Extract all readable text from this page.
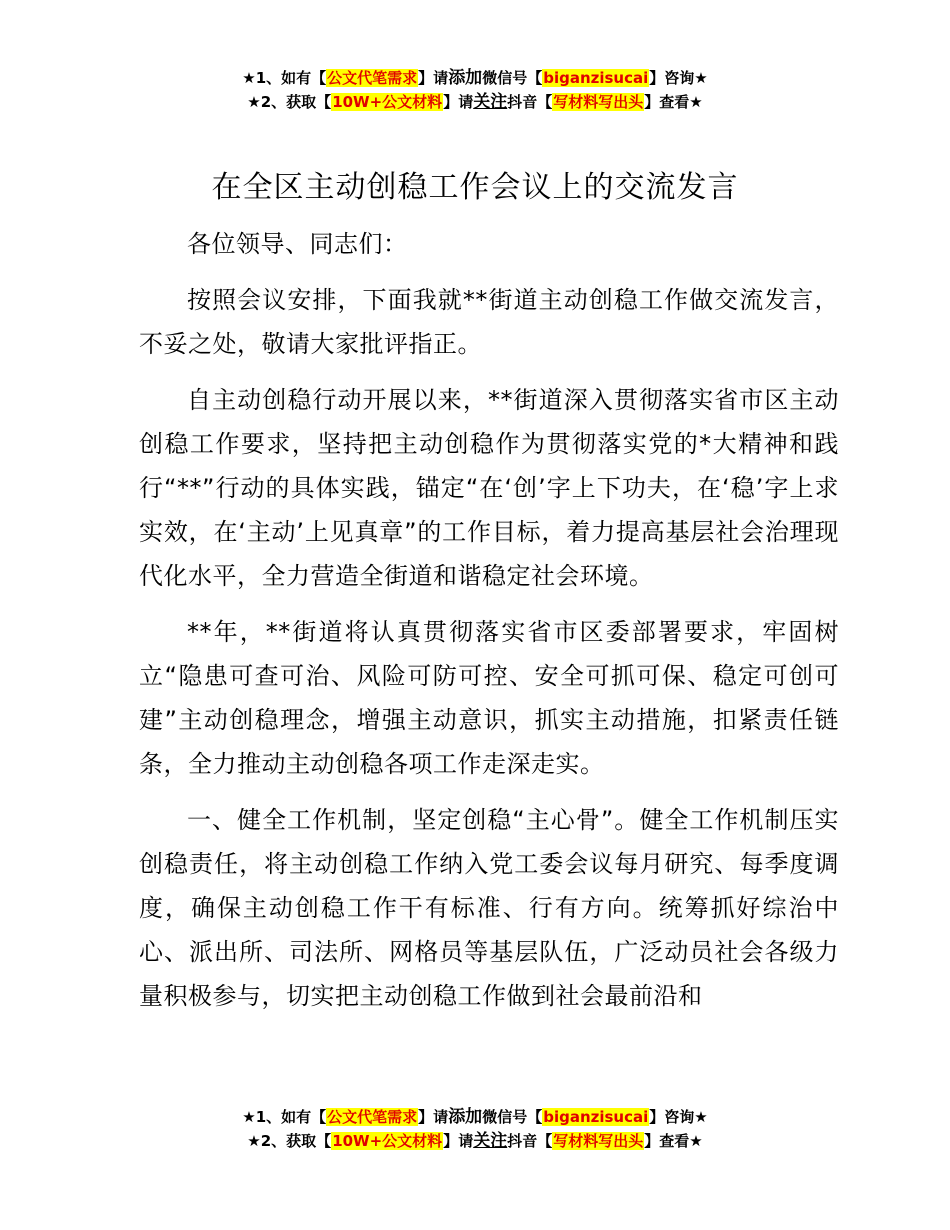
★1、如有【公文代笔需求】请添加微信号【biganzisucai】咨询★
★2、获取【10W+公文材料】请关注抖音【写材料写出头】查看★
在全区主动创稳工作会议上的交流发言

各位领导、同志们：

按照会议安排，下面我就**街道主动创稳工作做交流发言，不妥之处，敬请大家批评指正。

自主动创稳行动开展以来，**街道深入贯彻落实省市区主动创稳工作要求，坚持把主动创稳作为贯彻落实党的*大精神和践行“**”行动的具体实践，锚定“在‘创’字上下功夫，在‘稳’字上求实效，在‘主动’上见真章”的工作目标，着力提高基层社会治理现代化水平，全力营造全街道和谐稳定社会环境。

**年，**街道将认真贯彻落实省市区委部署要求，牢固树立“隐患可查可治、风险可防可控、安全可抓可保、稳定可创可建”主动创稳理念，增强主动意识，抓实主动措施，扣紧责任链条，全力推动主动创稳各项工作走深走实。

一、健全工作机制，坚定创稳“主心骨”。健全工作机制压实创稳责任，将主动创稳工作纳入党工委会议每月研究、每季度调度，确保主动创稳工作干有标准、行有方向。统筹抓好综治中心、派出所、司法所、网格员等基层队伍，广泛动员社会各级力量积极参与，切实把主动创稳工作做到社会最前沿和

★1、如有【公文代笔需求】请添加微信号【biganzisucai】咨询★
★2、获取【10W+公文材料】请关注抖音【写材料写出头】查看★
